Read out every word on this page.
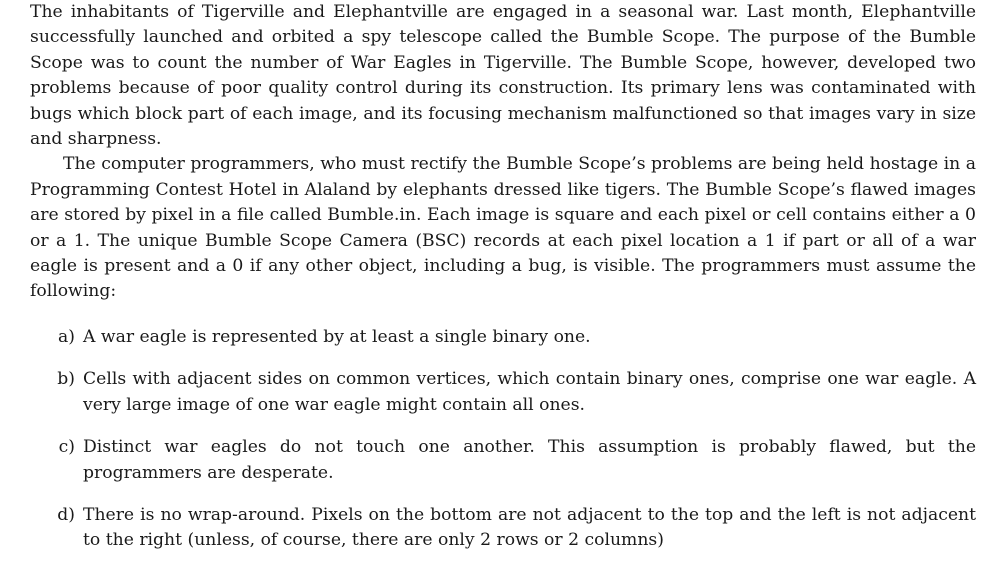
The inhabitants of Tigerville and Elephantville are engaged in a seasonal war. Last month, Elephantville successfully launched and orbited a spy telescope called the Bumble Scope. The purpose of the Bumble Scope was to count the number of War Eagles in Tigerville. The Bumble Scope, however, developed two problems because of poor quality control during its construction. Its primary lens was contaminated with bugs which block part of each image, and its focusing mechanism malfunctioned so that images vary in size and sharpness.

The computer programmers, who must rectify the Bumble Scope’s problems are being held hostage in a Programming Contest Hotel in Alaland by elephants dressed like tigers. The Bumble Scope’s flawed images are stored by pixel in a file called Bumble.in. Each image is square and each pixel or cell contains either a 0 or a 1. The unique Bumble Scope Camera (BSC) records at each pixel location a 1 if part or all of a war eagle is present and a 0 if any other object, including a bug, is visible. The programmers must assume the following:

a) A war eagle is represented by at least a single binary one.
b) Cells with adjacent sides on common vertices, which contain binary ones, comprise one war eagle. A very large image of one war eagle might contain all ones.
c) Distinct war eagles do not touch one another. This assumption is probably flawed, but the programmers are desperate.
d) There is no wrap-around. Pixels on the bottom are not adjacent to the top and the left is not adjacent to the right (unless, of course, there are only 2 rows or 2 columns)
